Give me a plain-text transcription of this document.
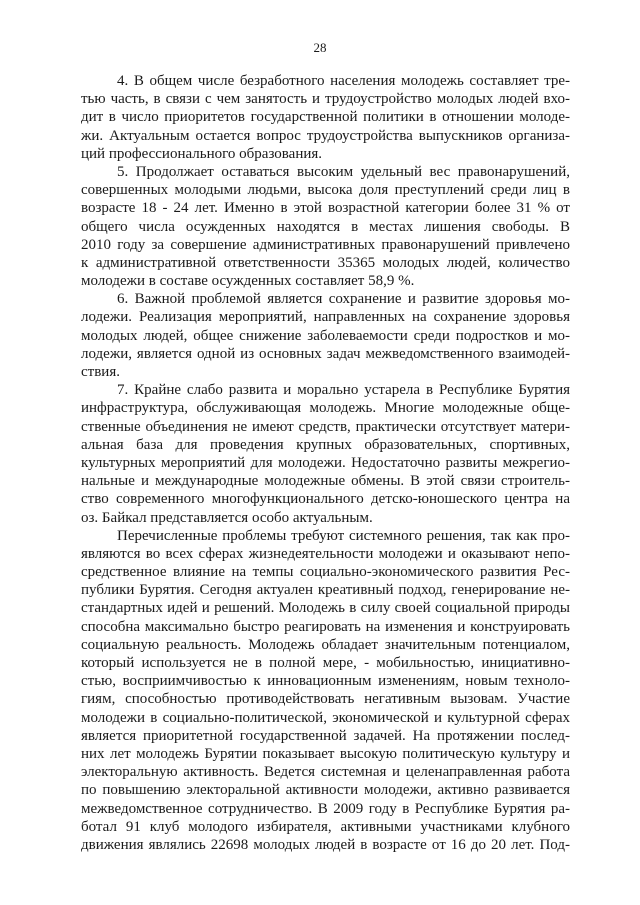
28
4. В общем числе безработного населения молодежь составляет тре-
тью часть, в связи с чем занятость и трудоустройство молодых людей вхо-
дит в число приоритетов государственной политики в отношении молоде-
жи. Актуальным остается вопрос трудоустройства выпускников организа-
ций профессионального образования.
5. Продолжает оставаться высоким удельный вес правонарушений,
совершенных молодыми людьми, высока доля преступлений среди лиц в
возрасте 18 - 24 лет. Именно в этой возрастной категории более 31 % от
общего числа осужденных находятся в местах лишения свободы. В
2010 году за совершение административных правонарушений привлечено
к административной ответственности 35365 молодых людей, количество
молодежи в составе осужденных составляет 58,9 %.
6. Важной проблемой является сохранение и развитие здоровья мо-
лодежи. Реализация мероприятий, направленных на сохранение здоровья
молодых людей, общее снижение заболеваемости среди подростков и мо-
лодежи, является одной из основных задач межведомственного взаимодей-
ствия.
7. Крайне слабо развита и морально устарела в Республике Бурятия
инфраструктура, обслуживающая молодежь. Многие молодежные обще-
ственные объединения не имеют средств, практически отсутствует матери-
альная база для проведения крупных образовательных, спортивных,
культурных мероприятий для молодежи. Недостаточно развиты межрегио-
нальные и международные молодежные обмены. В этой связи строитель-
ство современного многофункционального детско-юношеского центра на
оз. Байкал представляется особо актуальным.
Перечисленные проблемы требуют системного решения, так как про-
являются во всех сферах жизнедеятельности молодежи и оказывают непо-
средственное влияние на темпы социально-экономического развития Рес-
публики Бурятия. Сегодня актуален креативный подход, генерирование не-
стандартных идей и решений. Молодежь в силу своей социальной природы
способна максимально быстро реагировать на изменения и конструировать
социальную реальность. Молодежь обладает значительным потенциалом,
который используется не в полной мере, - мобильностью, инициативно-
стью, восприимчивостью к инновационным изменениям, новым техноло-
гиям, способностью противодействовать негативным вызовам. Участие
молодежи в социально-политической, экономической и культурной сферах
является приоритетной государственной задачей. На протяжении послед-
них лет молодежь Бурятии показывает высокую политическую культуру и
электоральную активность. Ведется системная и целенаправленная работа
по повышению электоральной активности молодежи, активно развивается
межведомственное сотрудничество. В 2009 году в Республике Бурятия ра-
ботал 91 клуб молодого избирателя, активными участниками клубного
движения являлись 22698 молодых людей в возрасте от 16 до 20 лет. Под-
